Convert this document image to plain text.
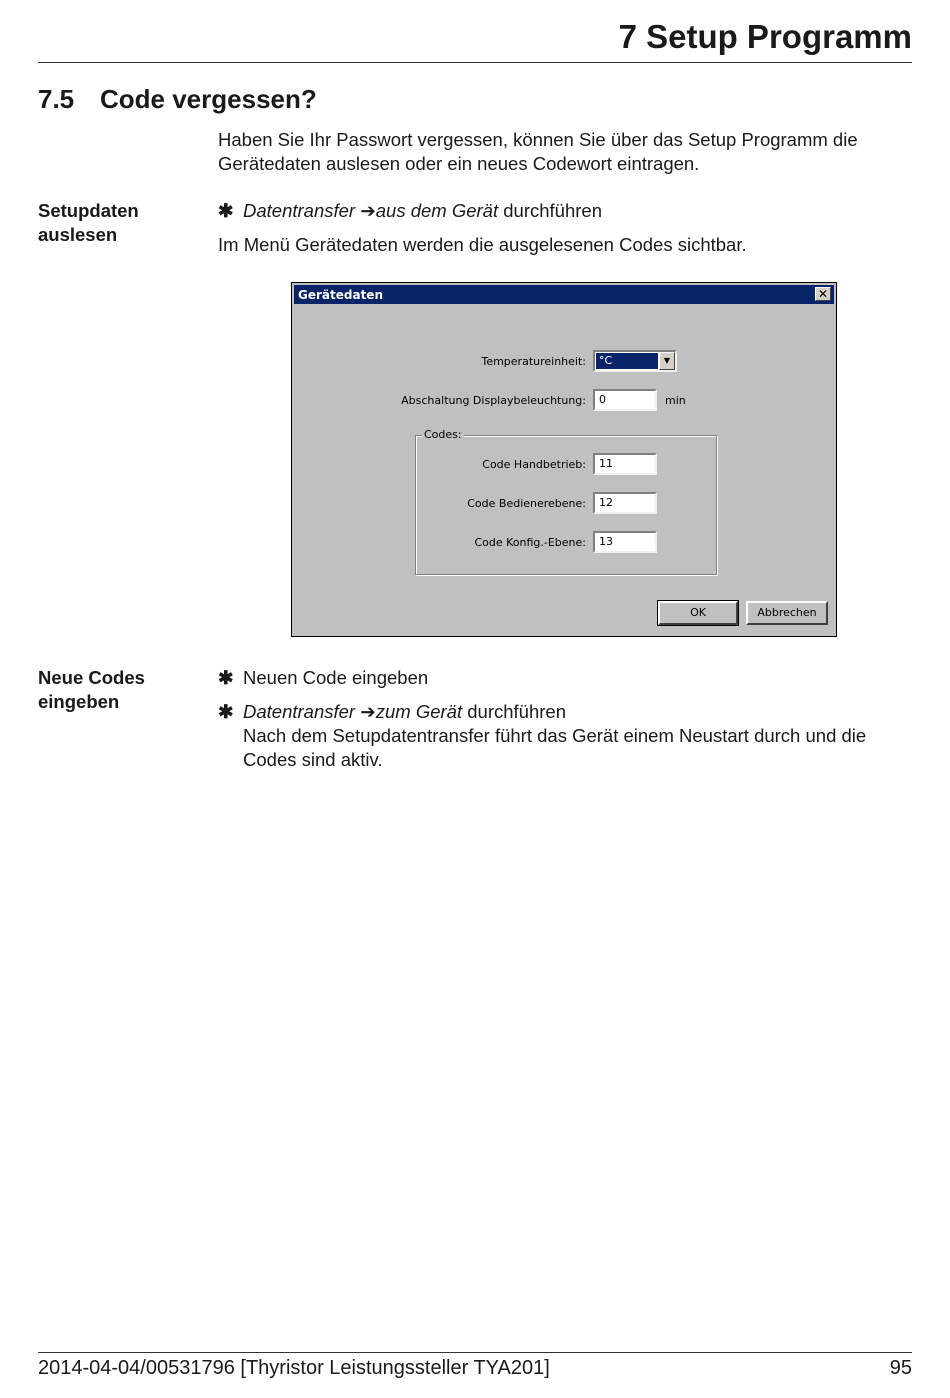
7 Setup Programm
7.5 Code vergessen?
Haben Sie Ihr Passwort vergessen, können Sie über das Setup Programm die Gerätedaten auslesen oder ein neues Codewort eintragen.
Setupdaten auslesen
✱ Datentransfer ➔aus dem Gerät durchführen
Im Menü Gerätedaten werden die ausgelesenen Codes sichtbar.
Gerätedaten	✕
Temperatureinheit: °C	▼
Abschaltung Displaybeleuchtung:	0	min
Codes:
Code Handbetrieb:	11
Code Bedienerebene:	12
Code Konfig.-Ebene:	13
OK	Abbrechen
Neue Codes eingeben
✱ Neuen Code eingeben
✱ Datentransfer ➔zum Gerät durchführen
Nach dem Setupdatentransfer führt das Gerät einem Neustart durch und die Codes sind aktiv.
2014-04-04/00531796 [Thyristor Leistungssteller TYA201]	95
